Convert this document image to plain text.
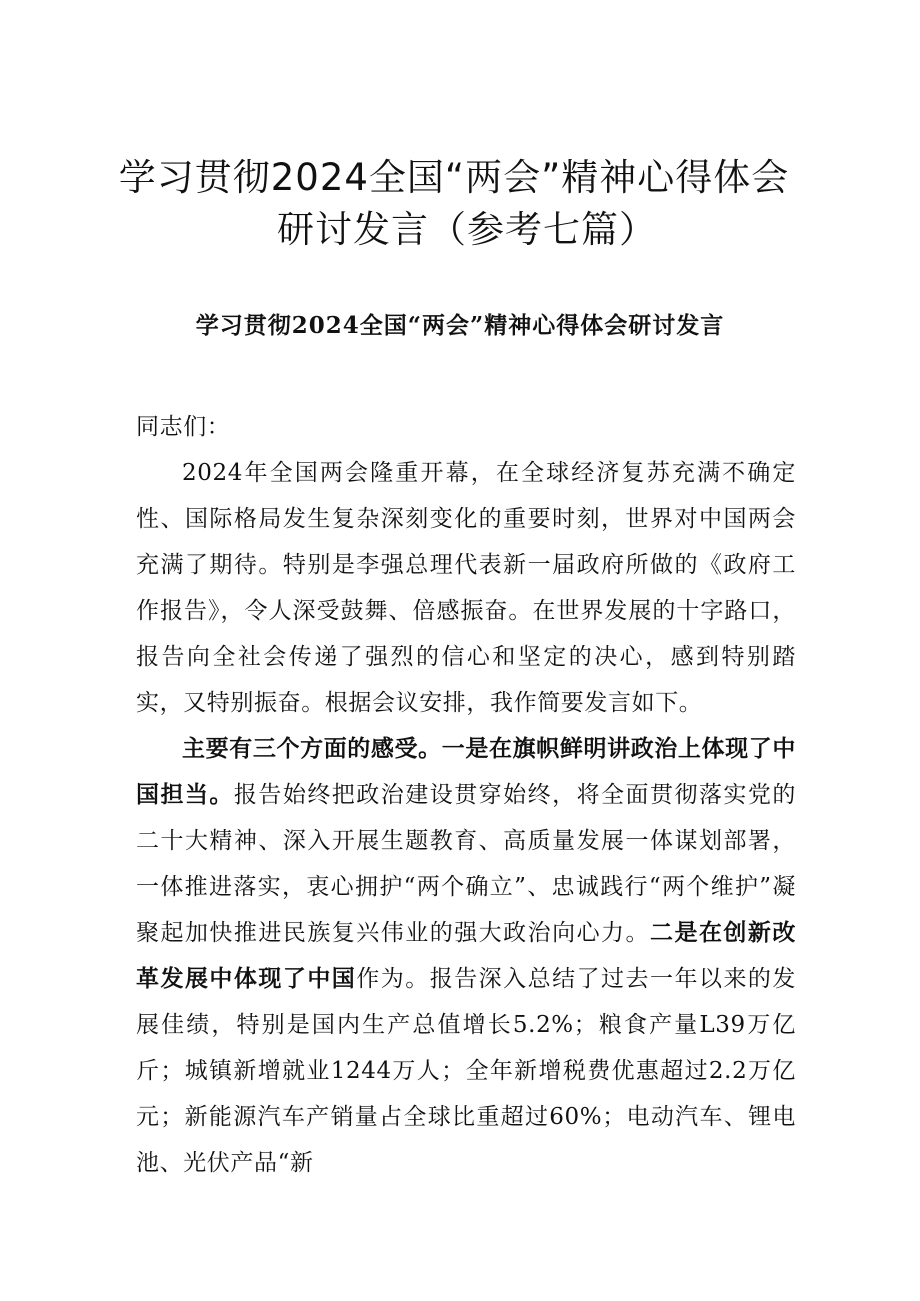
学习贯彻2024全国“两会”精神心得体会
研讨发言（参考七篇）
学习贯彻2024全国“两会”精神心得体会研讨发言

同志们：

2024年全国两会隆重开幕，在全球经济复苏充满不确定性、国际格局发生复杂深刻变化的重要时刻，世界对中国两会充满了期待。特别是李强总理代表新一届政府所做的《政府工作报告》，令人深受鼓舞、倍感振奋。在世界发展的十字路口，报告向全社会传递了强烈的信心和坚定的决心，感到特别踏实，又特别振奋。根据会议安排，我作简要发言如下。

主要有三个方面的感受。一是在旗帜鲜明讲政治上体现了中国担当。报告始终把政治建设贯穿始终，将全面贯彻落实党的二十大精神、深入开展生题教育、高质量发展一体谋划部署，一体推进落实，衷心拥护“两个确立”、忠诚践行“两个维护”凝聚起加快推进民族复兴伟业的强大政治向心力。二是在创新改革发展中体现了中国作为。报告深入总结了过去一年以来的发展佳绩，特别是国内生产总值增长5.2%；粮食产量L39万亿斤；城镇新增就业1244万人；全年新增税费优惠超过2.2万亿元；新能源汽车产销量占全球比重超过60%；电动汽车、锂电池、光伏产品“新
